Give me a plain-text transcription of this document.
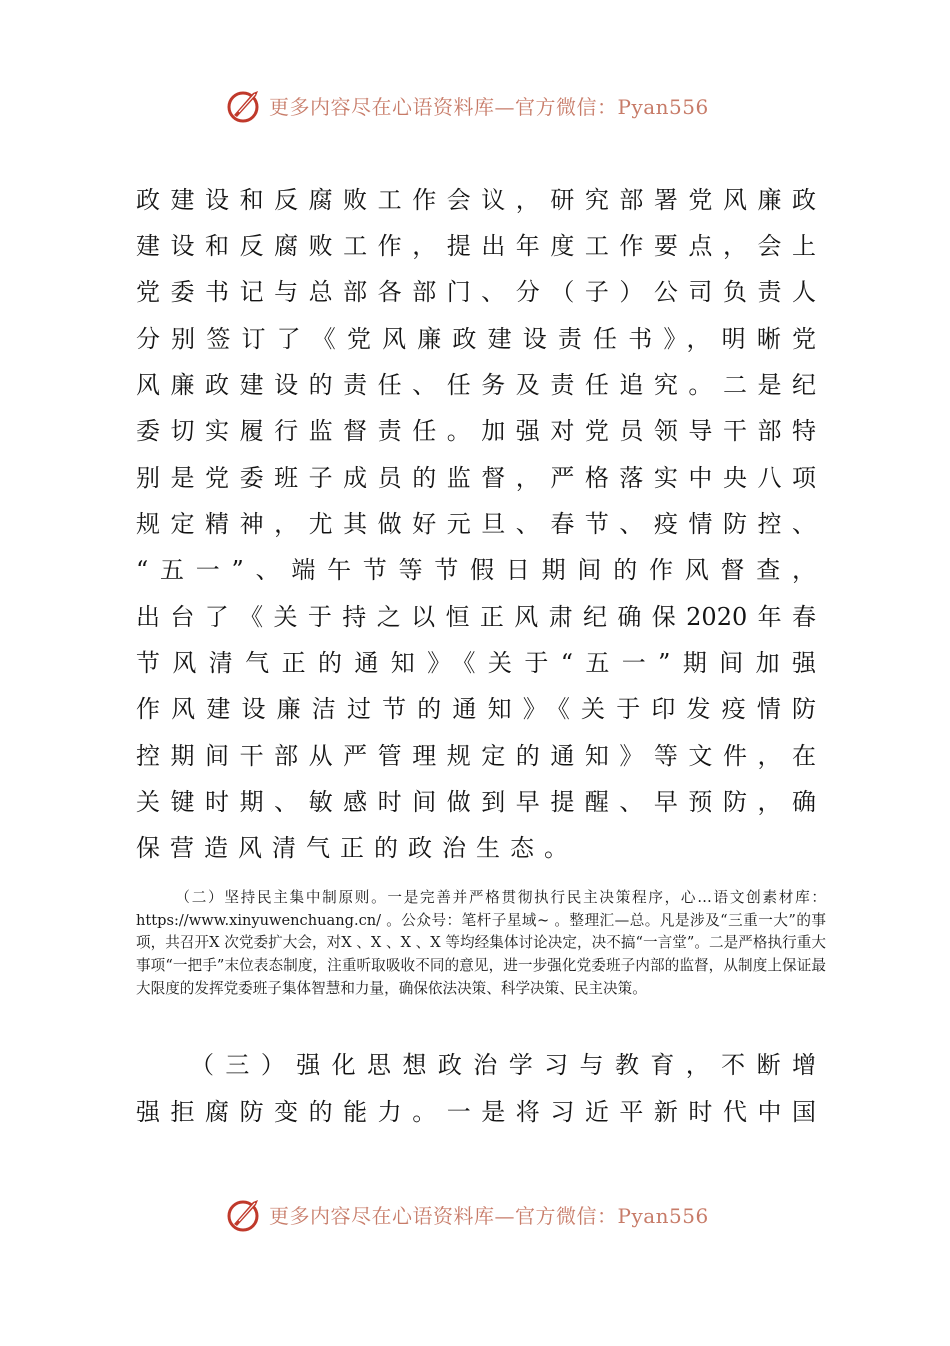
更多内容尽在心语资料库—官方微信：Pyan556
政建设和反腐败工作会议，研究部署党风廉政
建设和反腐败工作，提出年度工作要点，会上
党委书记与总部各部门、分（子）公司负责人
分别签订了《党风廉政建设责任书》，明晰党
风廉政建设的责任、任务及责任追究。二是纪
委切实履行监督责任。加强对党员领导干部特
别是党委班子成员的监督，严格落实中央八项
规定精神，尤其做好元旦、春节、疫情防控、
“五一”、端午节等节假日期间的作风督查，
出台了《关于持之以恒正风肃纪确保2020年春
节风清气正的通知》《关于“五一”期间加强
作风建设廉洁过节的通知》《关于印发疫情防
控期间干部从严管理规定的通知》等文件，在
关键时期、敏感时间做到早提醒、早预防，确
保营造风清气正的政治生态。

（二）坚持民主集中制原则。一是完善并严格贯彻执行民主决策程序，心…语文创素材库：https://www.xinyuwenchuang.cn/ 。公众号：笔杆子星域~ 。整理汇—总。凡是涉及“三重一大”的事项，共召开X 次党委扩大会，对X 、X 、X 、X 等均经集体讨论决定，决不搞“一言堂”。二是严格执行重大事项“一把手”末位表态制度，注重听取吸收不同的意见，进一步强化党委班子内部的监督，从制度上保证最大限度的发挥党委班子集体智慧和力量，确保依法决策、科学决策、民主决策。

（三）强化思想政治学习与教育，不断增
强拒腐防变的能力。一是将习近平新时代中国
更多内容尽在心语资料库—官方微信：Pyan556
